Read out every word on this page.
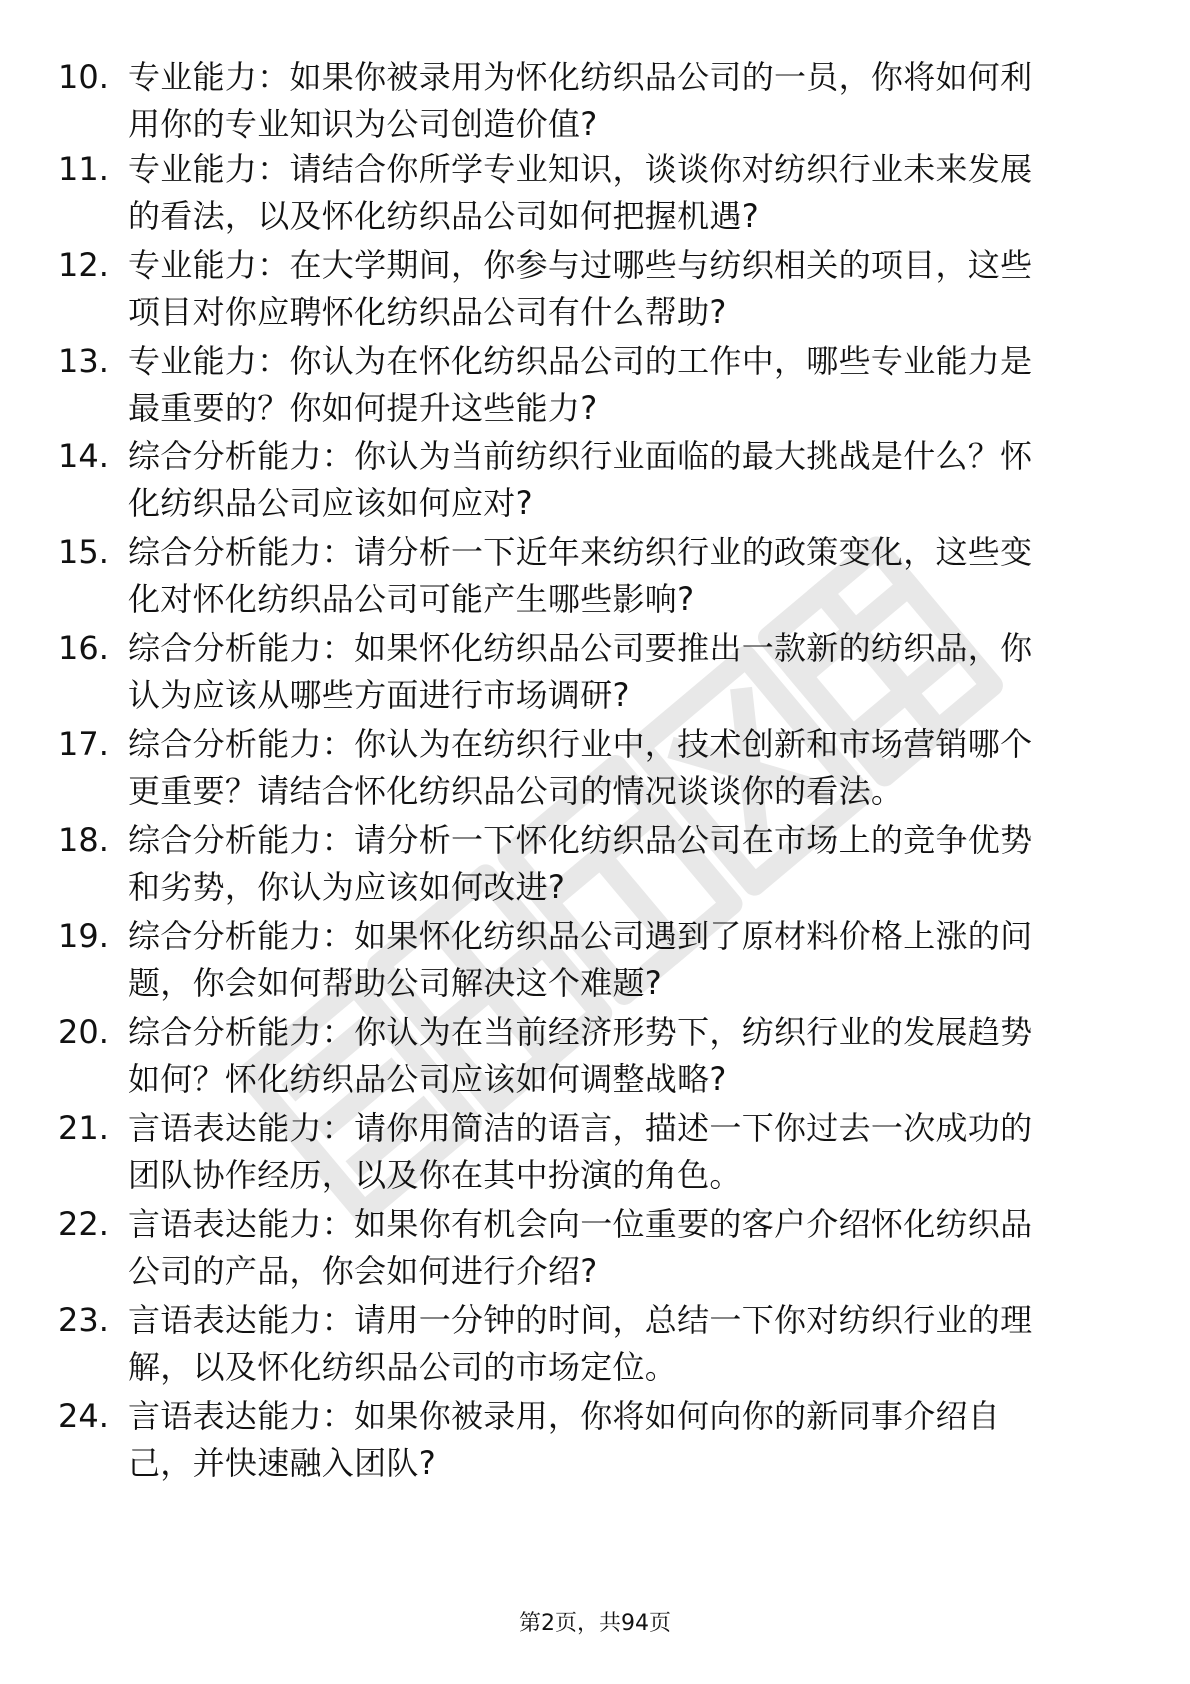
10. 专业能力：如果你被录用为怀化纺织品公司的一员，你将如何利
用你的专业知识为公司创造价值?
11. 专业能力：请结合你所学专业知识，谈谈你对纺织行业未来发展
的看法，以及怀化纺织品公司如何把握机遇?
12. 专业能力：在大学期间，你参与过哪些与纺织相关的项目，这些
项目对你应聘怀化纺织品公司有什么帮助?
13. 专业能力：你认为在怀化纺织品公司的工作中，哪些专业能力是
最重要的？你如何提升这些能力?
14. 综合分析能力：你认为当前纺织行业面临的最大挑战是什么？怀
化纺织品公司应该如何应对?
15. 综合分析能力：请分析一下近年来纺织行业的政策变化，这些变
化对怀化纺织品公司可能产生哪些影响?
16. 综合分析能力：如果怀化纺织品公司要推出一款新的纺织品，你
认为应该从哪些方面进行市场调研?
17. 综合分析能力：你认为在纺织行业中，技术创新和市场营销哪个
更重要？请结合怀化纺织品公司的情况谈谈你的看法。
18. 综合分析能力：请分析一下怀化纺织品公司在市场上的竞争优势
和劣势，你认为应该如何改进?
19. 综合分析能力：如果怀化纺织品公司遇到了原材料价格上涨的问
题，你会如何帮助公司解决这个难题?
20. 综合分析能力：你认为在当前经济形势下，纺织行业的发展趋势
如何？怀化纺织品公司应该如何调整战略?
21. 言语表达能力：请你用简洁的语言，描述一下你过去一次成功的
团队协作经历，以及你在其中扮演的角色。
22. 言语表达能力：如果你有机会向一位重要的客户介绍怀化纺织品
公司的产品，你会如何进行介绍?
23. 言语表达能力：请用一分钟的时间，总结一下你对纺织行业的理
解，以及怀化纺织品公司的市场定位。
24. 言语表达能力：如果你被录用，你将如何向你的新同事介绍自
己，并快速融入团队?
第2页，共94页
